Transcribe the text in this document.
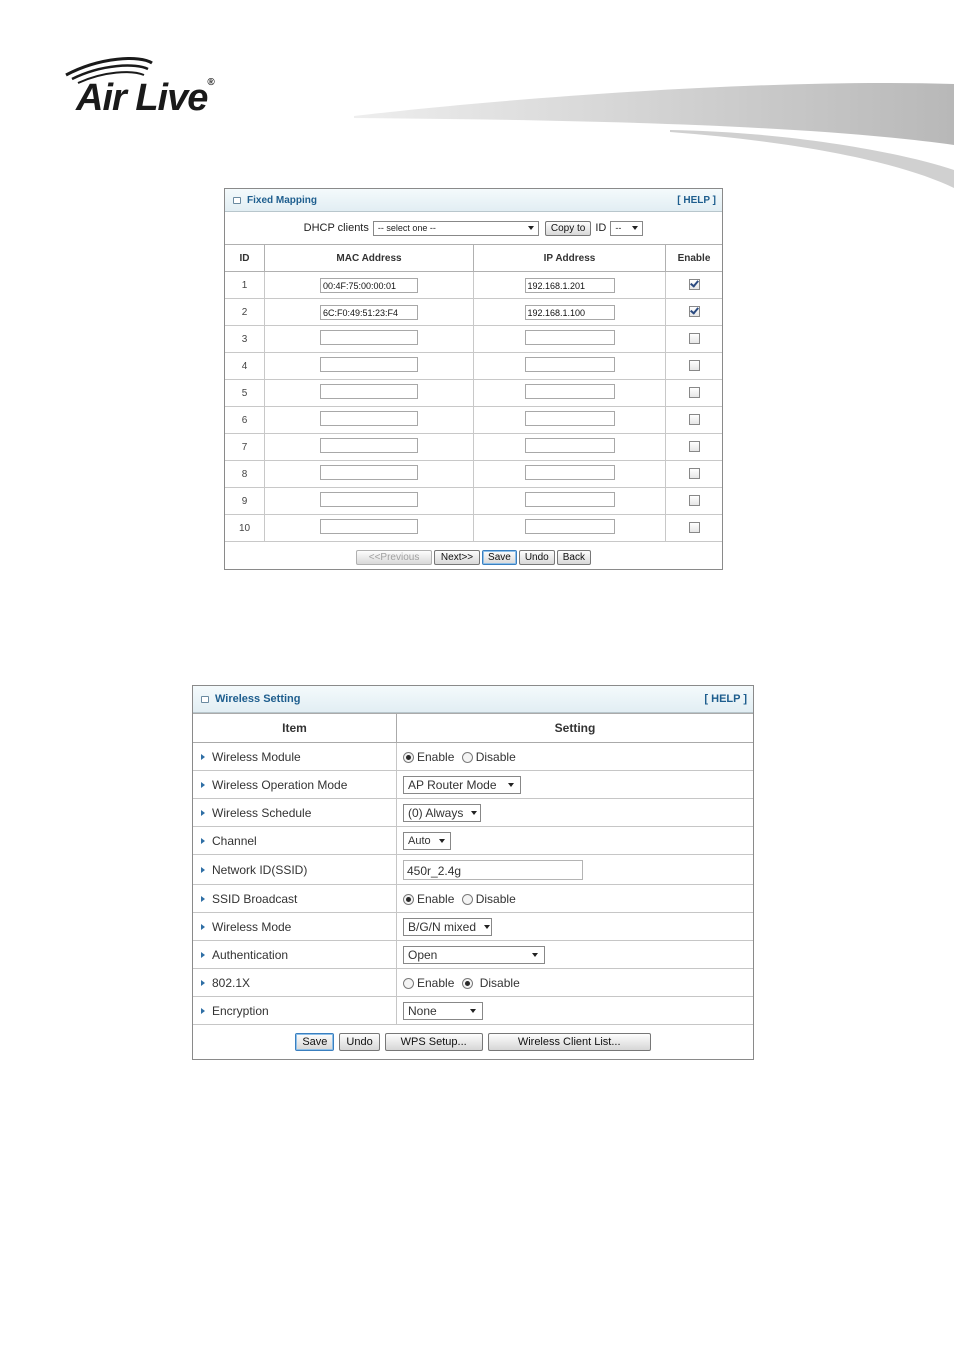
Air Live®
Fixed Mapping	[ HELP ]
DHCP clients -- select one --	Copy to ID --
ID	MAC Address	IP Address	Enable
1	00:4F:75:00:00:01	192.168.1.201	
2	6C:F0:49:51:23:F4	192.168.1.100	
3			
4			
5			
6			
7			
8			
9			
10			
<<Previous	Next>>	Save	Undo	Back
Wireless Setting	[ HELP ]
Item	Setting
Wireless Module	Enable Disable
Wireless Operation Mode	AP Router Mode

Wireless Schedule	(0) Always

Channel	Auto

Network ID(SSID)	450r_2.4g
SSID Broadcast	Enable Disable
Wireless Mode	B/G/N mixed

Authentication	Open

802.1X	Enable Disable
Encryption	None
Save	Undo	WPS Setup...	Wireless Client List...
